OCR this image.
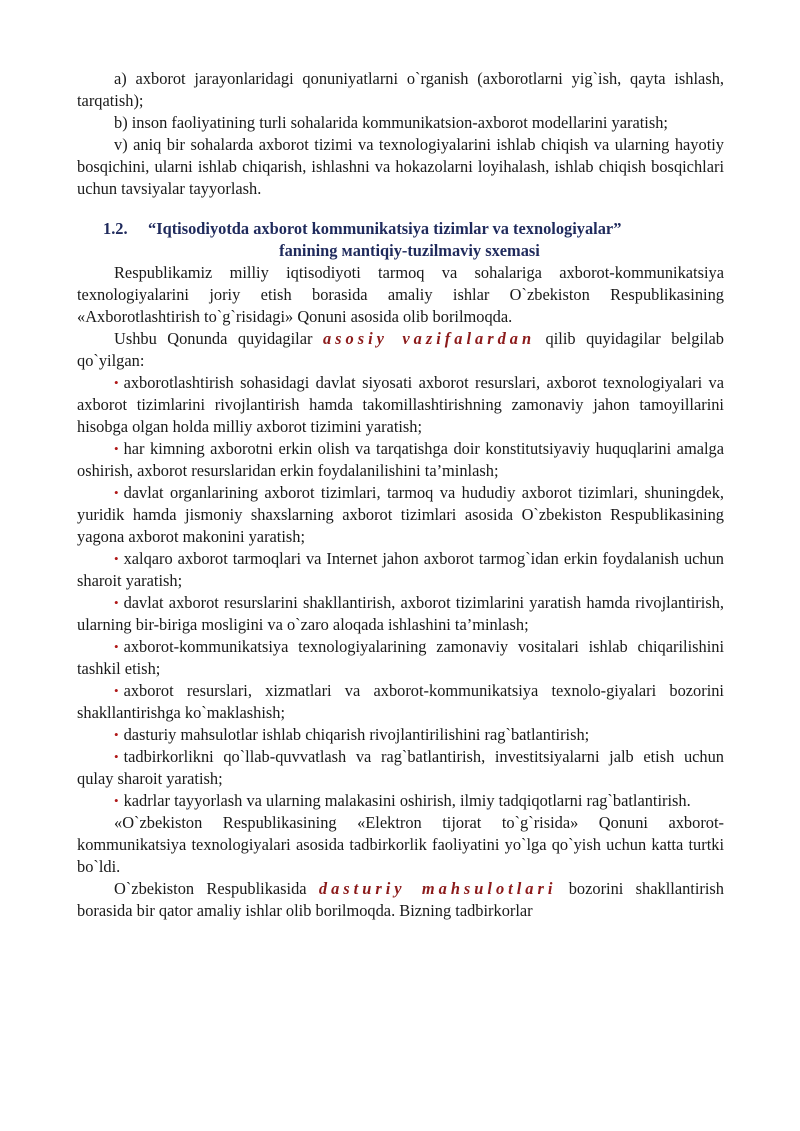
a) axborot jarayonlaridagi qonuniyatlarni o`rganish (axborotlarni yig`ish, qayta ishlash, tarqatish);

b) inson faoliyatining turli sohalarida kommunikatsion-axborot modellarini yaratish;

v) aniq bir sohalarda axborot tizimi va texnologiyalarini ishlab chiqish va ularning hayotiy bosqichini, ularni ishlab chiqarish, ishlashni va hokazolarni loyihalash, ishlab chiqish bosqichlari uchun tavsiyalar tayyorlash.

1.2. “Iqtisodiyotda axborot kommunikatsiya tizimlar va texnologiyalar”
fanining мantiqiy-tuzilmaviy sxemasi

Respublikamiz milliy iqtisodiyoti tarmoq va sohalariga axborot-kommunikatsiya texnologiyalarini joriy etish borasida amaliy ishlar O`zbekiston Respublikasining «Axborotlashtirish to`g`risidagi» Qonuni asosida olib borilmoqda.

Ushbu Qonunda quyidagilar asosiy vazifalardan qilib quyidagilar belgilab qo`yilgan:

• axborotlashtirish sohasidagi davlat siyosati axborot resurslari, axborot texnologiyalari va axborot tizimlarini rivojlantirish hamda takomillashtirishning zamonaviy jahon tamoyillarini hisobga olgan holda milliy axborot tizimini yaratish;

• har kimning axborotni erkin olish va tarqatishga doir konstitutsiyaviy huquqlarini amalga oshirish, axborot resurslaridan erkin foydalanilishini ta’minlash;

• davlat organlarining axborot tizimlari, tarmoq va hududiy axborot tizimlari, shuningdek, yuridik hamda jismoniy shaxslarning axborot tizimlari asosida O`zbekiston Respublikasining yagona axborot makonini yaratish;

• xalqaro axborot tarmoqlari va Internet jahon axborot tarmog`idan erkin foydalanish uchun sharoit yaratish;

• davlat axborot resurslarini shakllantirish, axborot tizimlarini yaratish hamda rivojlantirish, ularning bir-biriga mosligini va o`zaro aloqada ishlashini ta’minlash;

• axborot-kommunikatsiya texnologiyalarining zamonaviy vositalari ishlab chiqarilishini tashkil etish;

• axborot resurslari, xizmatlari va axborot-kommunikatsiya texnolo-giyalari bozorini shakllantirishga ko`maklashish;

• dasturiy mahsulotlar ishlab chiqarish rivojlantirilishini rag`batlantirish;

• tadbirkorlikni qo`llab-quvvatlash va rag`batlantirish, investitsiyalarni jalb etish uchun qulay sharoit yaratish;

• kadrlar tayyorlash va ularning malakasini oshirish, ilmiy tadqiqotlarni rag`batlantirish.

«O`zbekiston Respublikasining «Elektron tijorat to`g`risida» Qonuni axborot-kommunikatsiya texnologiyalari asosida tadbirkorlik faoliyatini yo`lga qo`yish uchun katta turtki bo`ldi.

O`zbekiston Respublikasida dasturiy mahsulotlari bozorini shakllantirish borasida bir qator amaliy ishlar olib borilmoqda. Bizning tadbirkorlar
